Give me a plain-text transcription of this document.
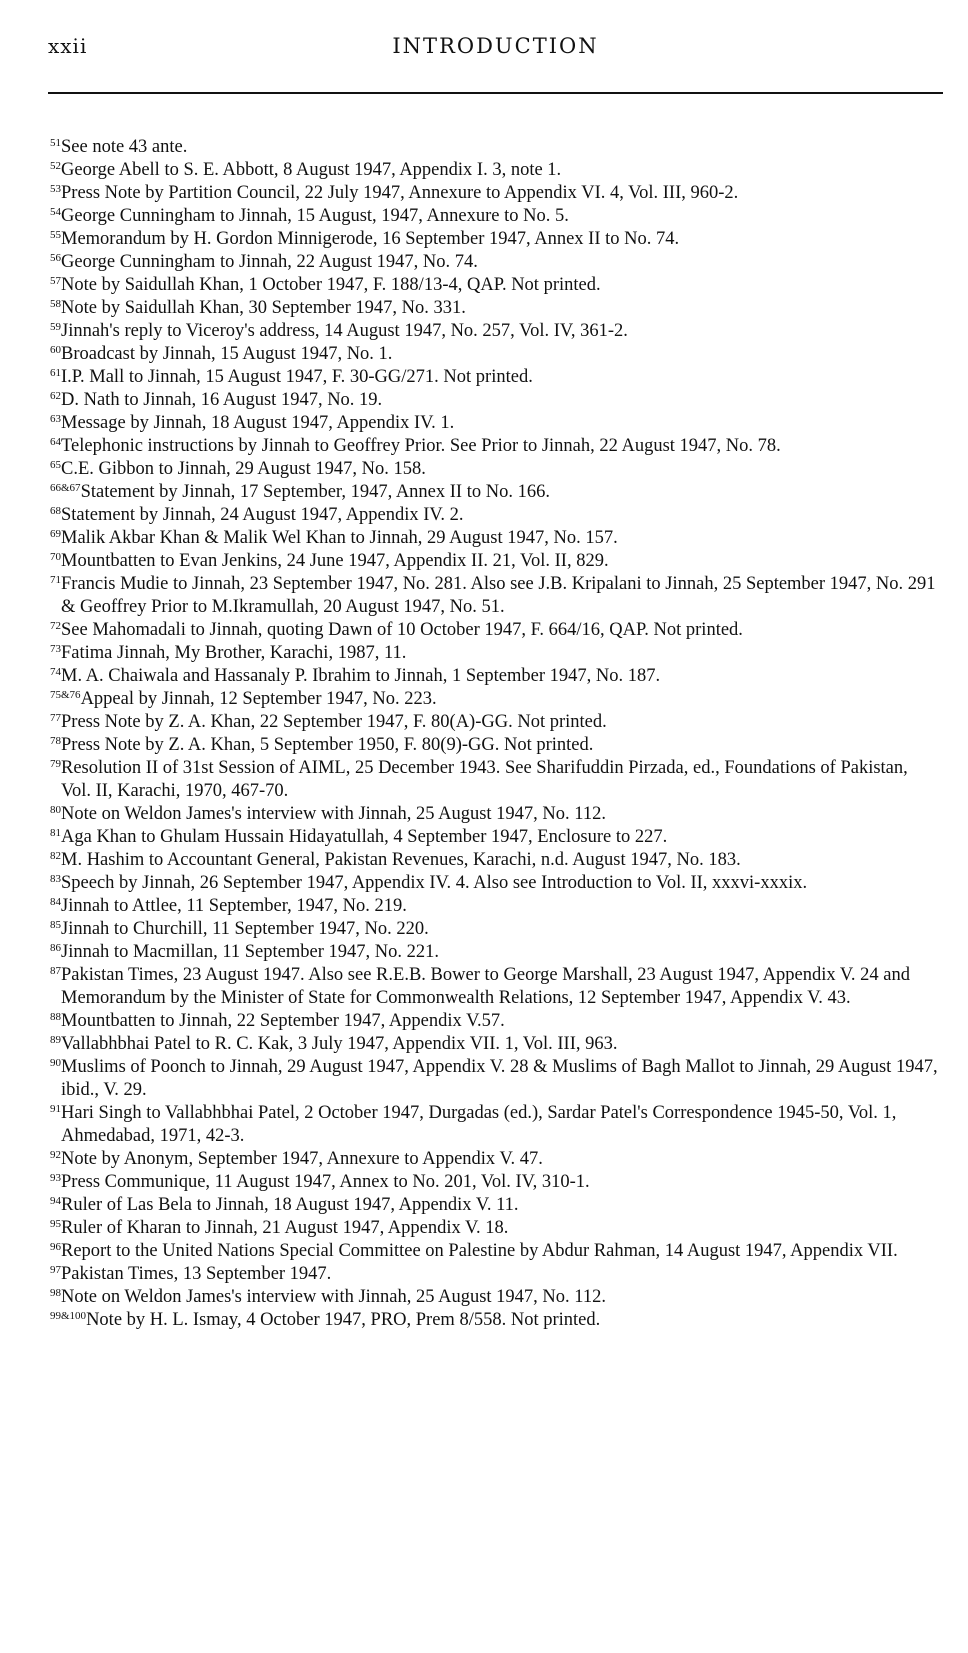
xxii	INTRODUCTION

$^{51}$See note 43 ante.

$^{52}$George Abell to S. E. Abbott, 8 August 1947, Appendix I. 3, note 1.

$^{53}$Press Note by Partition Council, 22 July 1947, Annexure to Appendix VI. 4, Vol. III, 960-2.

$^{54}$George Cunningham to Jinnah, 15 August, 1947, Annexure to No. 5.

$^{55}$Memorandum by H. Gordon Minnigerode, 16 September 1947, Annex II to No. 74.

$^{56}$George Cunningham to Jinnah, 22 August 1947, No. 74.

$^{57}$Note by Saidullah Khan, 1 October 1947, F. 188/13-4, QAP. Not printed.

$^{58}$Note by Saidullah Khan, 30 September 1947, No. 331.

$^{59}$Jinnah's reply to Viceroy's address, 14 August 1947, No. 257, Vol. IV, 361-2.

$^{60}$Broadcast by Jinnah, 15 August 1947, No. 1.

$^{61}$I.P. Mall to Jinnah, 15 August 1947, F. 30-GG/271. Not printed.

$^{62}$D. Nath to Jinnah, 16 August 1947, No. 19.

$^{63}$Message by Jinnah, 18 August 1947, Appendix IV. 1.

$^{64}$Telephonic instructions by Jinnah to Geoffrey Prior. See Prior to Jinnah, 22 August 1947, No. 78.

$^{65}$C.E. Gibbon to Jinnah, 29 August 1947, No. 158.

$^{66\&67}$Statement by Jinnah, 17 September, 1947, Annex II to No. 166.

$^{68}$Statement by Jinnah, 24 August 1947, Appendix IV. 2.

$^{69}$Malik Akbar Khan & Malik Wel Khan to Jinnah, 29 August 1947, No. 157.

$^{70}$Mountbatten to Evan Jenkins, 24 June 1947, Appendix II. 21, Vol. II, 829.

$^{71}$Francis Mudie to Jinnah, 23 September 1947, No. 281. Also see J.B. Kripalani to Jinnah, 25 September 1947, No. 291 & Geoffrey Prior to M.Ikramullah, 20 August 1947, No. 51.

$^{72}$See Mahomadali to Jinnah, quoting Dawn of 10 October 1947, F. 664/16, QAP. Not printed.

$^{73}$Fatima Jinnah, My Brother, Karachi, 1987, 11.

$^{74}$M. A. Chaiwala and Hassanaly P. Ibrahim to Jinnah, 1 September 1947, No. 187.

$^{75\&76}$Appeal by Jinnah, 12 September 1947, No. 223.

$^{77}$Press Note by Z. A. Khan, 22 September 1947, F. 80(A)-GG. Not printed.

$^{78}$Press Note by Z. A. Khan, 5 September 1950, F. 80(9)-GG. Not printed.

$^{79}$Resolution II of 31st Session of AIML, 25 December 1943. See Sharifuddin Pirzada, ed., Foundations of Pakistan, Vol. II, Karachi, 1970, 467-70.

$^{80}$Note on Weldon James's interview with Jinnah, 25 August 1947, No. 112.

$^{81}$Aga Khan to Ghulam Hussain Hidayatullah, 4 September 1947, Enclosure to 227.

$^{82}$M. Hashim to Accountant General, Pakistan Revenues, Karachi, n.d. August 1947, No. 183.

$^{83}$Speech by Jinnah, 26 September 1947, Appendix IV. 4. Also see Introduction to Vol. II, xxxvi-xxxix.

$^{84}$Jinnah to Attlee, 11 September, 1947, No. 219.

$^{85}$Jinnah to Churchill, 11 September 1947, No. 220.

$^{86}$Jinnah to Macmillan, 11 September 1947, No. 221.

$^{87}$Pakistan Times, 23 August 1947. Also see R.E.B. Bower to George Marshall, 23 August 1947, Appendix V. 24 and Memorandum by the Minister of State for Commonwealth Relations, 12 September 1947, Appendix V. 43.

$^{88}$Mountbatten to Jinnah, 22 September 1947, Appendix V.57.

$^{89}$Vallabhbhai Patel to R. C. Kak, 3 July 1947, Appendix VII. 1, Vol. III, 963.

$^{90}$Muslims of Poonch to Jinnah, 29 August 1947, Appendix V. 28 & Muslims of Bagh Mallot to Jinnah, 29 August 1947, ibid., V. 29.

$^{91}$Hari Singh to Vallabhbhai Patel, 2 October 1947, Durgadas (ed.), Sardar Patel's Correspondence 1945-50, Vol. 1, Ahmedabad, 1971, 42-3.

$^{92}$Note by Anonym, September 1947, Annexure to Appendix V. 47.

$^{93}$Press Communique, 11 August 1947, Annex to No. 201, Vol. IV, 310-1.

$^{94}$Ruler of Las Bela to Jinnah, 18 August 1947, Appendix V. 11.

$^{95}$Ruler of Kharan to Jinnah, 21 August 1947, Appendix V. 18.

$^{96}$Report to the United Nations Special Committee on Palestine by Abdur Rahman, 14 August 1947, Appendix VII.

$^{97}$Pakistan Times, 13 September 1947.

$^{98}$Note on Weldon James's interview with Jinnah, 25 August 1947, No. 112.

$^{99\&100}$Note by H. L. Ismay, 4 October 1947, PRO, Prem 8/558. Not printed.
